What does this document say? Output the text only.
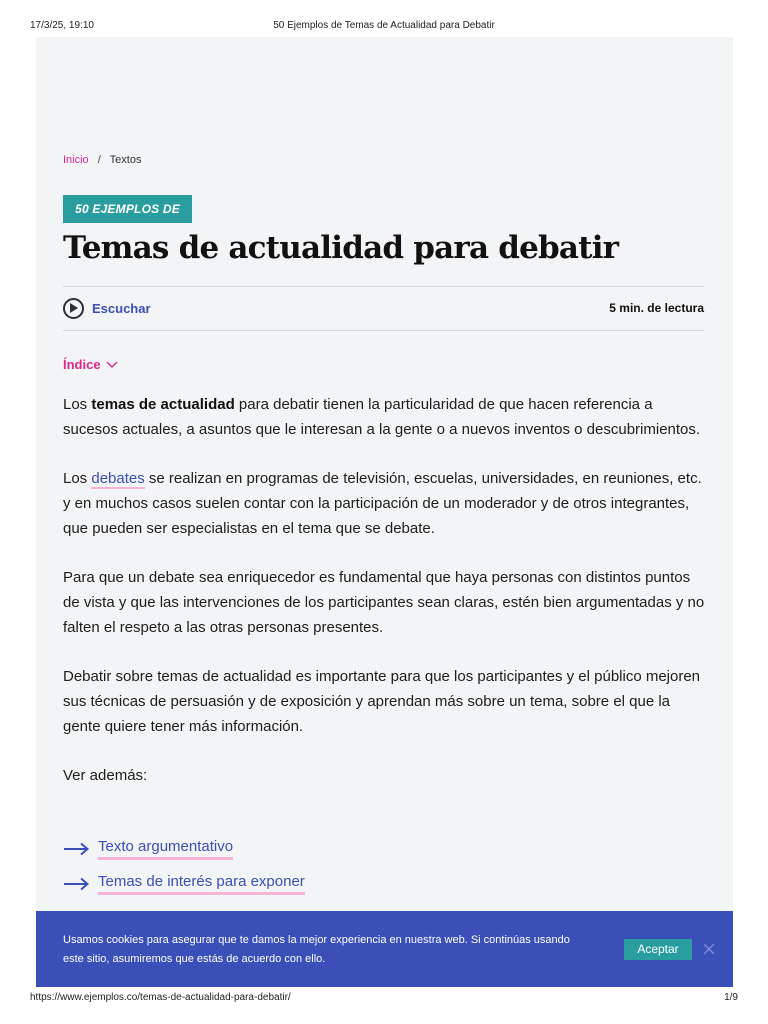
17/3/25, 19:10	50 Ejemplos de Temas de Actualidad para Debatir
Inicio / Textos
50 EJEMPLOS DE
Temas de actualidad para debatir
Escuchar	5 min. de lectura
Índice

Los temas de actualidad para debatir tienen la particularidad de que hacen referencia a sucesos actuales, a asuntos que le interesan a la gente o a nuevos inventos o descubrimientos.

Los debates se realizan en programas de televisión, escuelas, universidades, en reuniones, etc. y en muchos casos suelen contar con la participación de un moderador y de otros integrantes, que pueden ser especialistas en el tema que se debate.

Para que un debate sea enriquecedor es fundamental que haya personas con distintos puntos de vista y que las intervenciones de los participantes sean claras, estén bien argumentadas y no falten el respeto a las otras personas presentes.

Debatir sobre temas de actualidad es importante para que los participantes y el público mejoren sus técnicas de persuasión y de exposición y aprendan más sobre un tema, sobre el que la gente quiere tener más información.

Ver además:

Texto argumentativo
Temas de interés para exponer
Usamos cookies para asegurar que te damos la mejor experiencia en nuestra web. Si continúas usando este sitio, asumiremos que estás de acuerdo con ello.
Aceptar
https://www.ejemplos.co/temas-de-actualidad-para-debatir/	1/9
